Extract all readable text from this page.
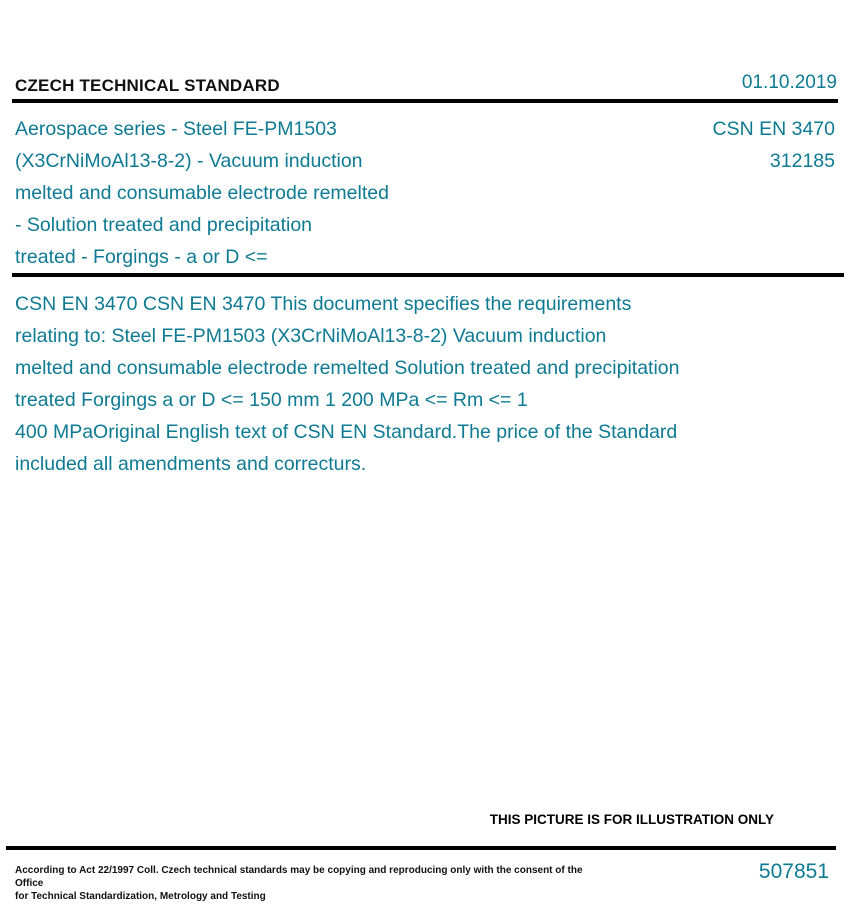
CZECH TECHNICAL STANDARD	01.10.2019
Aerospace series - Steel FE-PM1503
(X3CrNiMoAl13-8-2) - Vacuum induction
melted and consumable electrode remelted
- Solution treated and precipitation
treated - Forgings - a or D <=
CSN EN 3470
312185
CSN EN 3470 CSN EN 3470 This document specifies the requirements
relating to: Steel FE-PM1503 (X3CrNiMoAl13-8-2) Vacuum induction
melted and consumable electrode remelted Solution treated and precipitation
treated Forgings a or D <= 150 mm 1 200 MPa <= Rm <= 1
400 MPaOriginal English text of CSN EN Standard.The price of the Standard
included all amendments and correcturs.
THIS PICTURE IS FOR ILLUSTRATION ONLY
According to Act 22/1997 Coll. Czech technical standards may be copying and reproducing only with the consent of the Office
for Technical Standardization, Metrology and Testing
507851
